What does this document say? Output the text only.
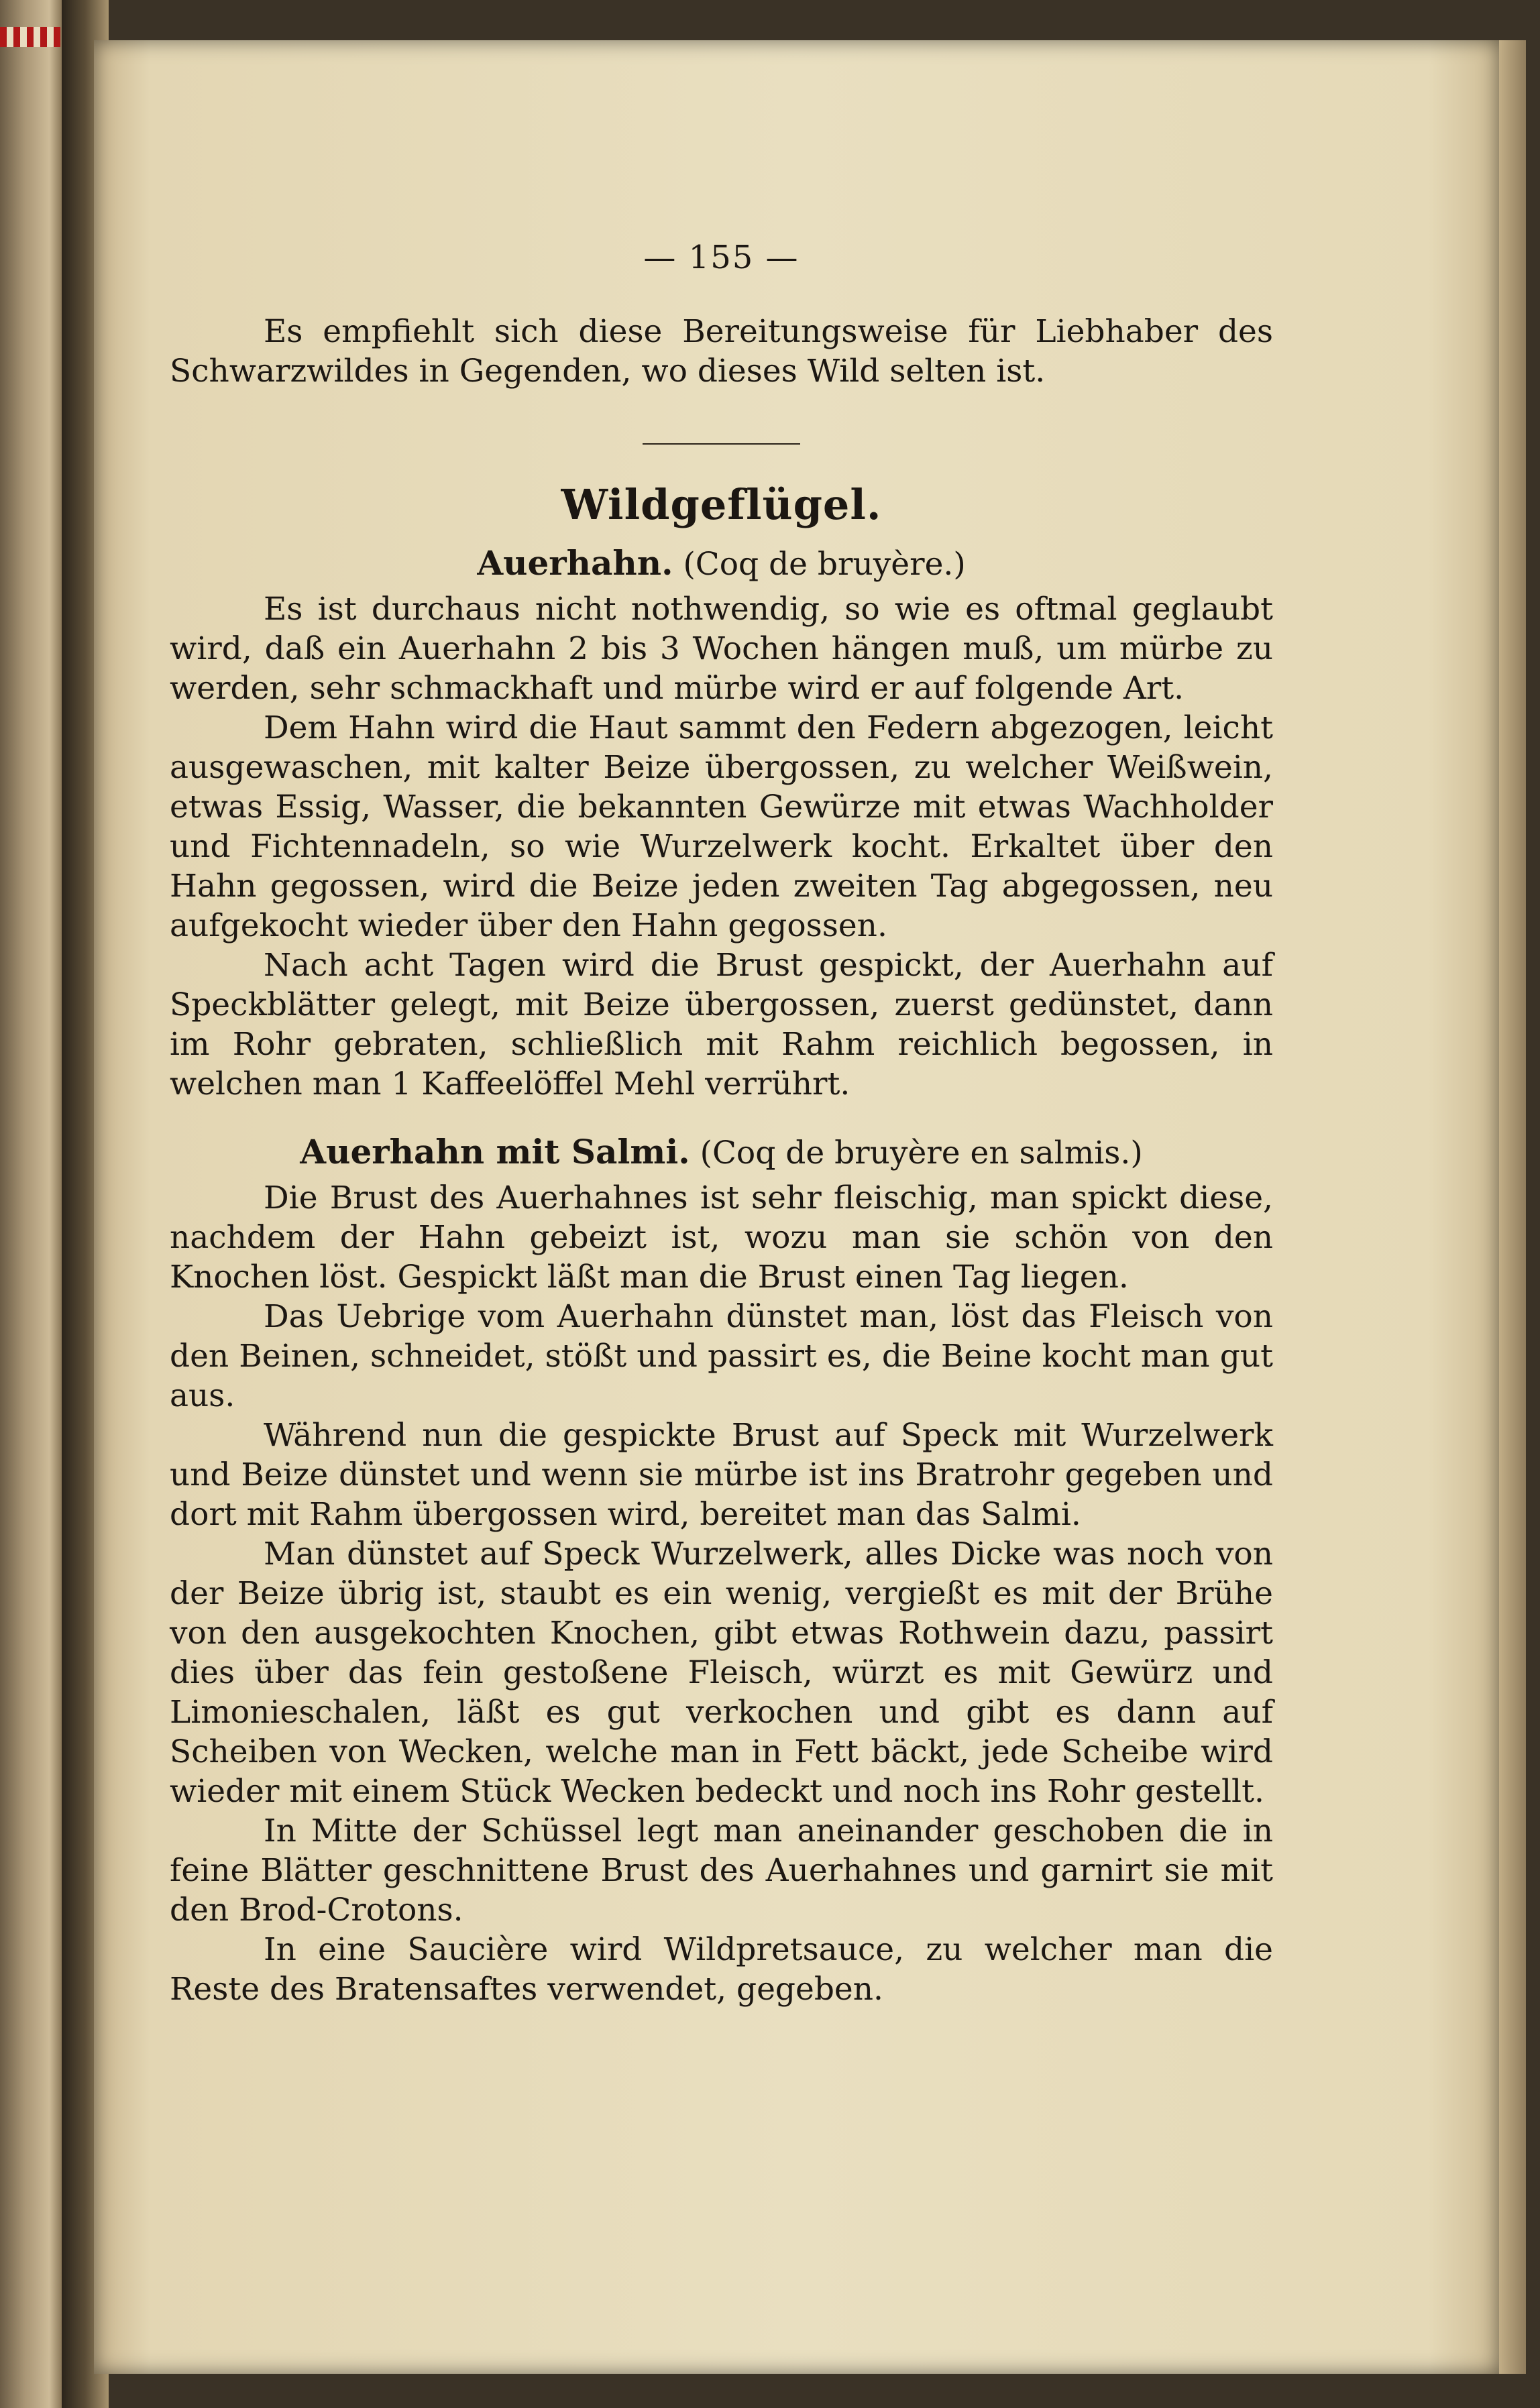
— 155 —

Es empfiehlt sich diese Bereitungsweise für Liebhaber des Schwarzwildes in Gegenden, wo dieses Wild selten ist.

Wildgeflügel.
Auerhahn. (Coq de bruyère.)

Es ist durchaus nicht nothwendig, so wie es oftmal geglaubt wird, daß ein Auerhahn 2 bis 3 Wochen hängen muß, um mürbe zu werden, sehr schmackhaft und mürbe wird er auf folgende Art.

Dem Hahn wird die Haut sammt den Federn abgezogen, leicht ausgewaschen, mit kalter Beize übergossen, zu welcher Weißwein, etwas Essig, Wasser, die bekannten Gewürze mit etwas Wachholder und Fichtennadeln, so wie Wurzelwerk kocht. Erkaltet über den Hahn gegossen, wird die Beize jeden zweiten Tag abgegossen, neu aufgekocht wieder über den Hahn gegossen.

Nach acht Tagen wird die Brust gespickt, der Auerhahn auf Speckblätter gelegt, mit Beize übergossen, zuerst gedünstet, dann im Rohr gebraten, schließlich mit Rahm reichlich begossen, in welchen man 1 Kaffeelöffel Mehl verrührt.

Auerhahn mit Salmi. (Coq de bruyère en salmis.)

Die Brust des Auerhahnes ist sehr fleischig, man spickt diese, nachdem der Hahn gebeizt ist, wozu man sie schön von den Knochen löst. Gespickt läßt man die Brust einen Tag liegen.

Das Uebrige vom Auerhahn dünstet man, löst das Fleisch von den Beinen, schneidet, stößt und passirt es, die Beine kocht man gut aus.

Während nun die gespickte Brust auf Speck mit Wurzelwerk und Beize dünstet und wenn sie mürbe ist ins Bratrohr gegeben und dort mit Rahm übergossen wird, bereitet man das Salmi.

Man dünstet auf Speck Wurzelwerk, alles Dicke was noch von der Beize übrig ist, staubt es ein wenig, vergießt es mit der Brühe von den ausgekochten Knochen, gibt etwas Rothwein dazu, passirt dies über das fein gestoßene Fleisch, würzt es mit Gewürz und Limonieschalen, läßt es gut verkochen und gibt es dann auf Scheiben von Wecken, welche man in Fett bäckt, jede Scheibe wird wieder mit einem Stück Wecken bedeckt und noch ins Rohr gestellt.

In Mitte der Schüssel legt man aneinander geschoben die in feine Blätter geschnittene Brust des Auerhahnes und garnirt sie mit den Brod-Crotons.

In eine Saucière wird Wildpretsauce, zu welcher man die Reste des Bratensaftes verwendet, gegeben.
